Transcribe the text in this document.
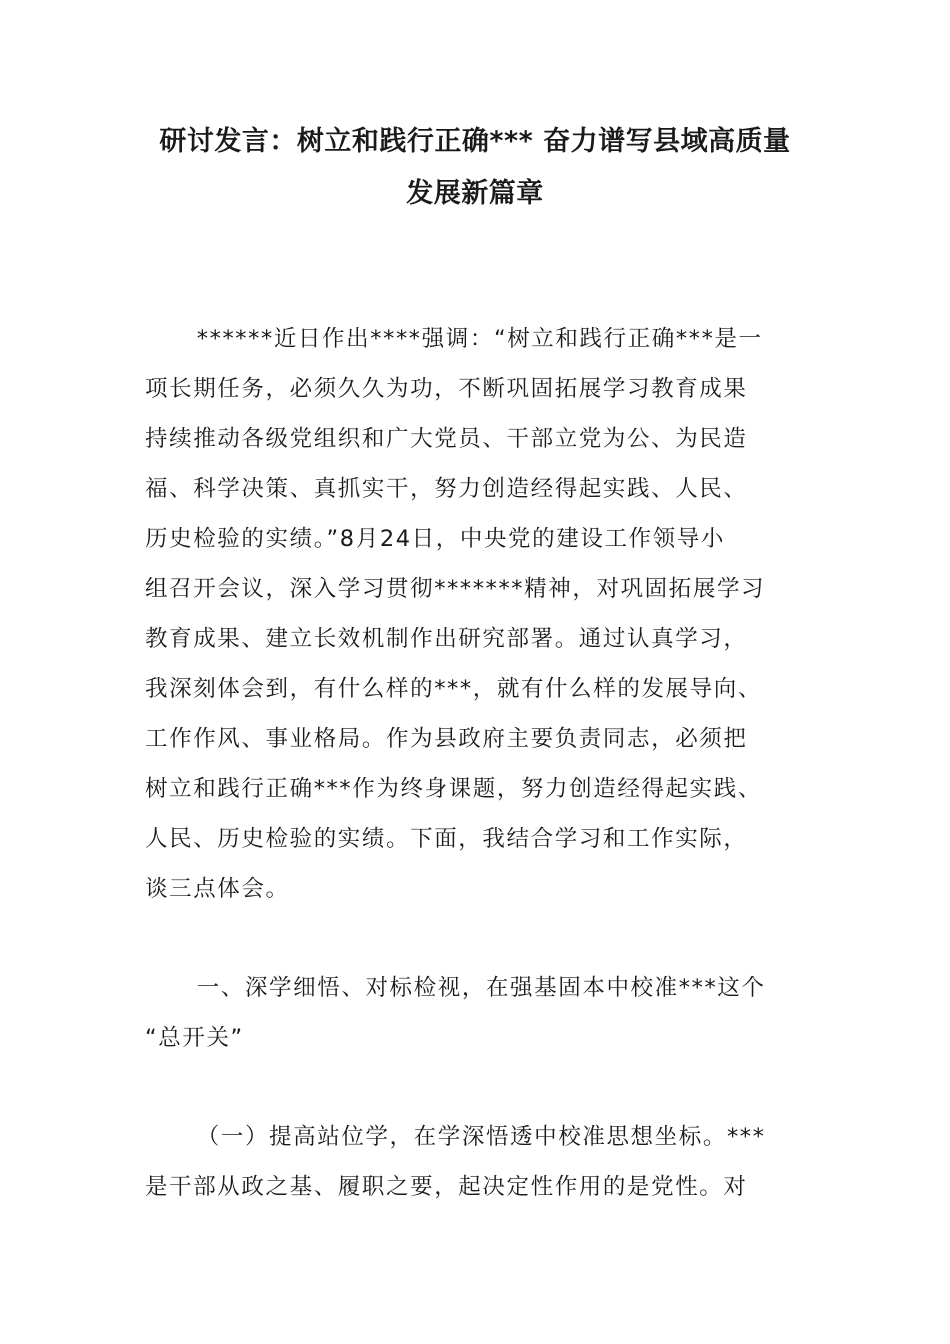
研讨发言：树立和践行正确*** 奋力谱写县域高质量
发展新篇章

******近日作出****强调：“树立和践行正确***是一
项长期任务，必须久久为功，不断巩固拓展学习教育成果
持续推动各级党组织和广大党员、干部立党为公、为民造
福、科学决策、真抓实干，努力创造经得起实践、人民、
历史检验的实绩。”8月24日，中央党的建设工作领导小
组召开会议，深入学习贯彻*******精神，对巩固拓展学习
教育成果、建立长效机制作出研究部署。通过认真学习，
我深刻体会到，有什么样的***，就有什么样的发展导向、
工作作风、事业格局。作为县政府主要负责同志，必须把
树立和践行正确***作为终身课题，努力创造经得起实践、
人民、历史检验的实绩。下面，我结合学习和工作实际，
谈三点体会。

一、深学细悟、对标检视，在强基固本中校准***这个
“总开关”

（一）提高站位学，在学深悟透中校准思想坐标。***
是干部从政之基、履职之要，起决定性作用的是党性。对
